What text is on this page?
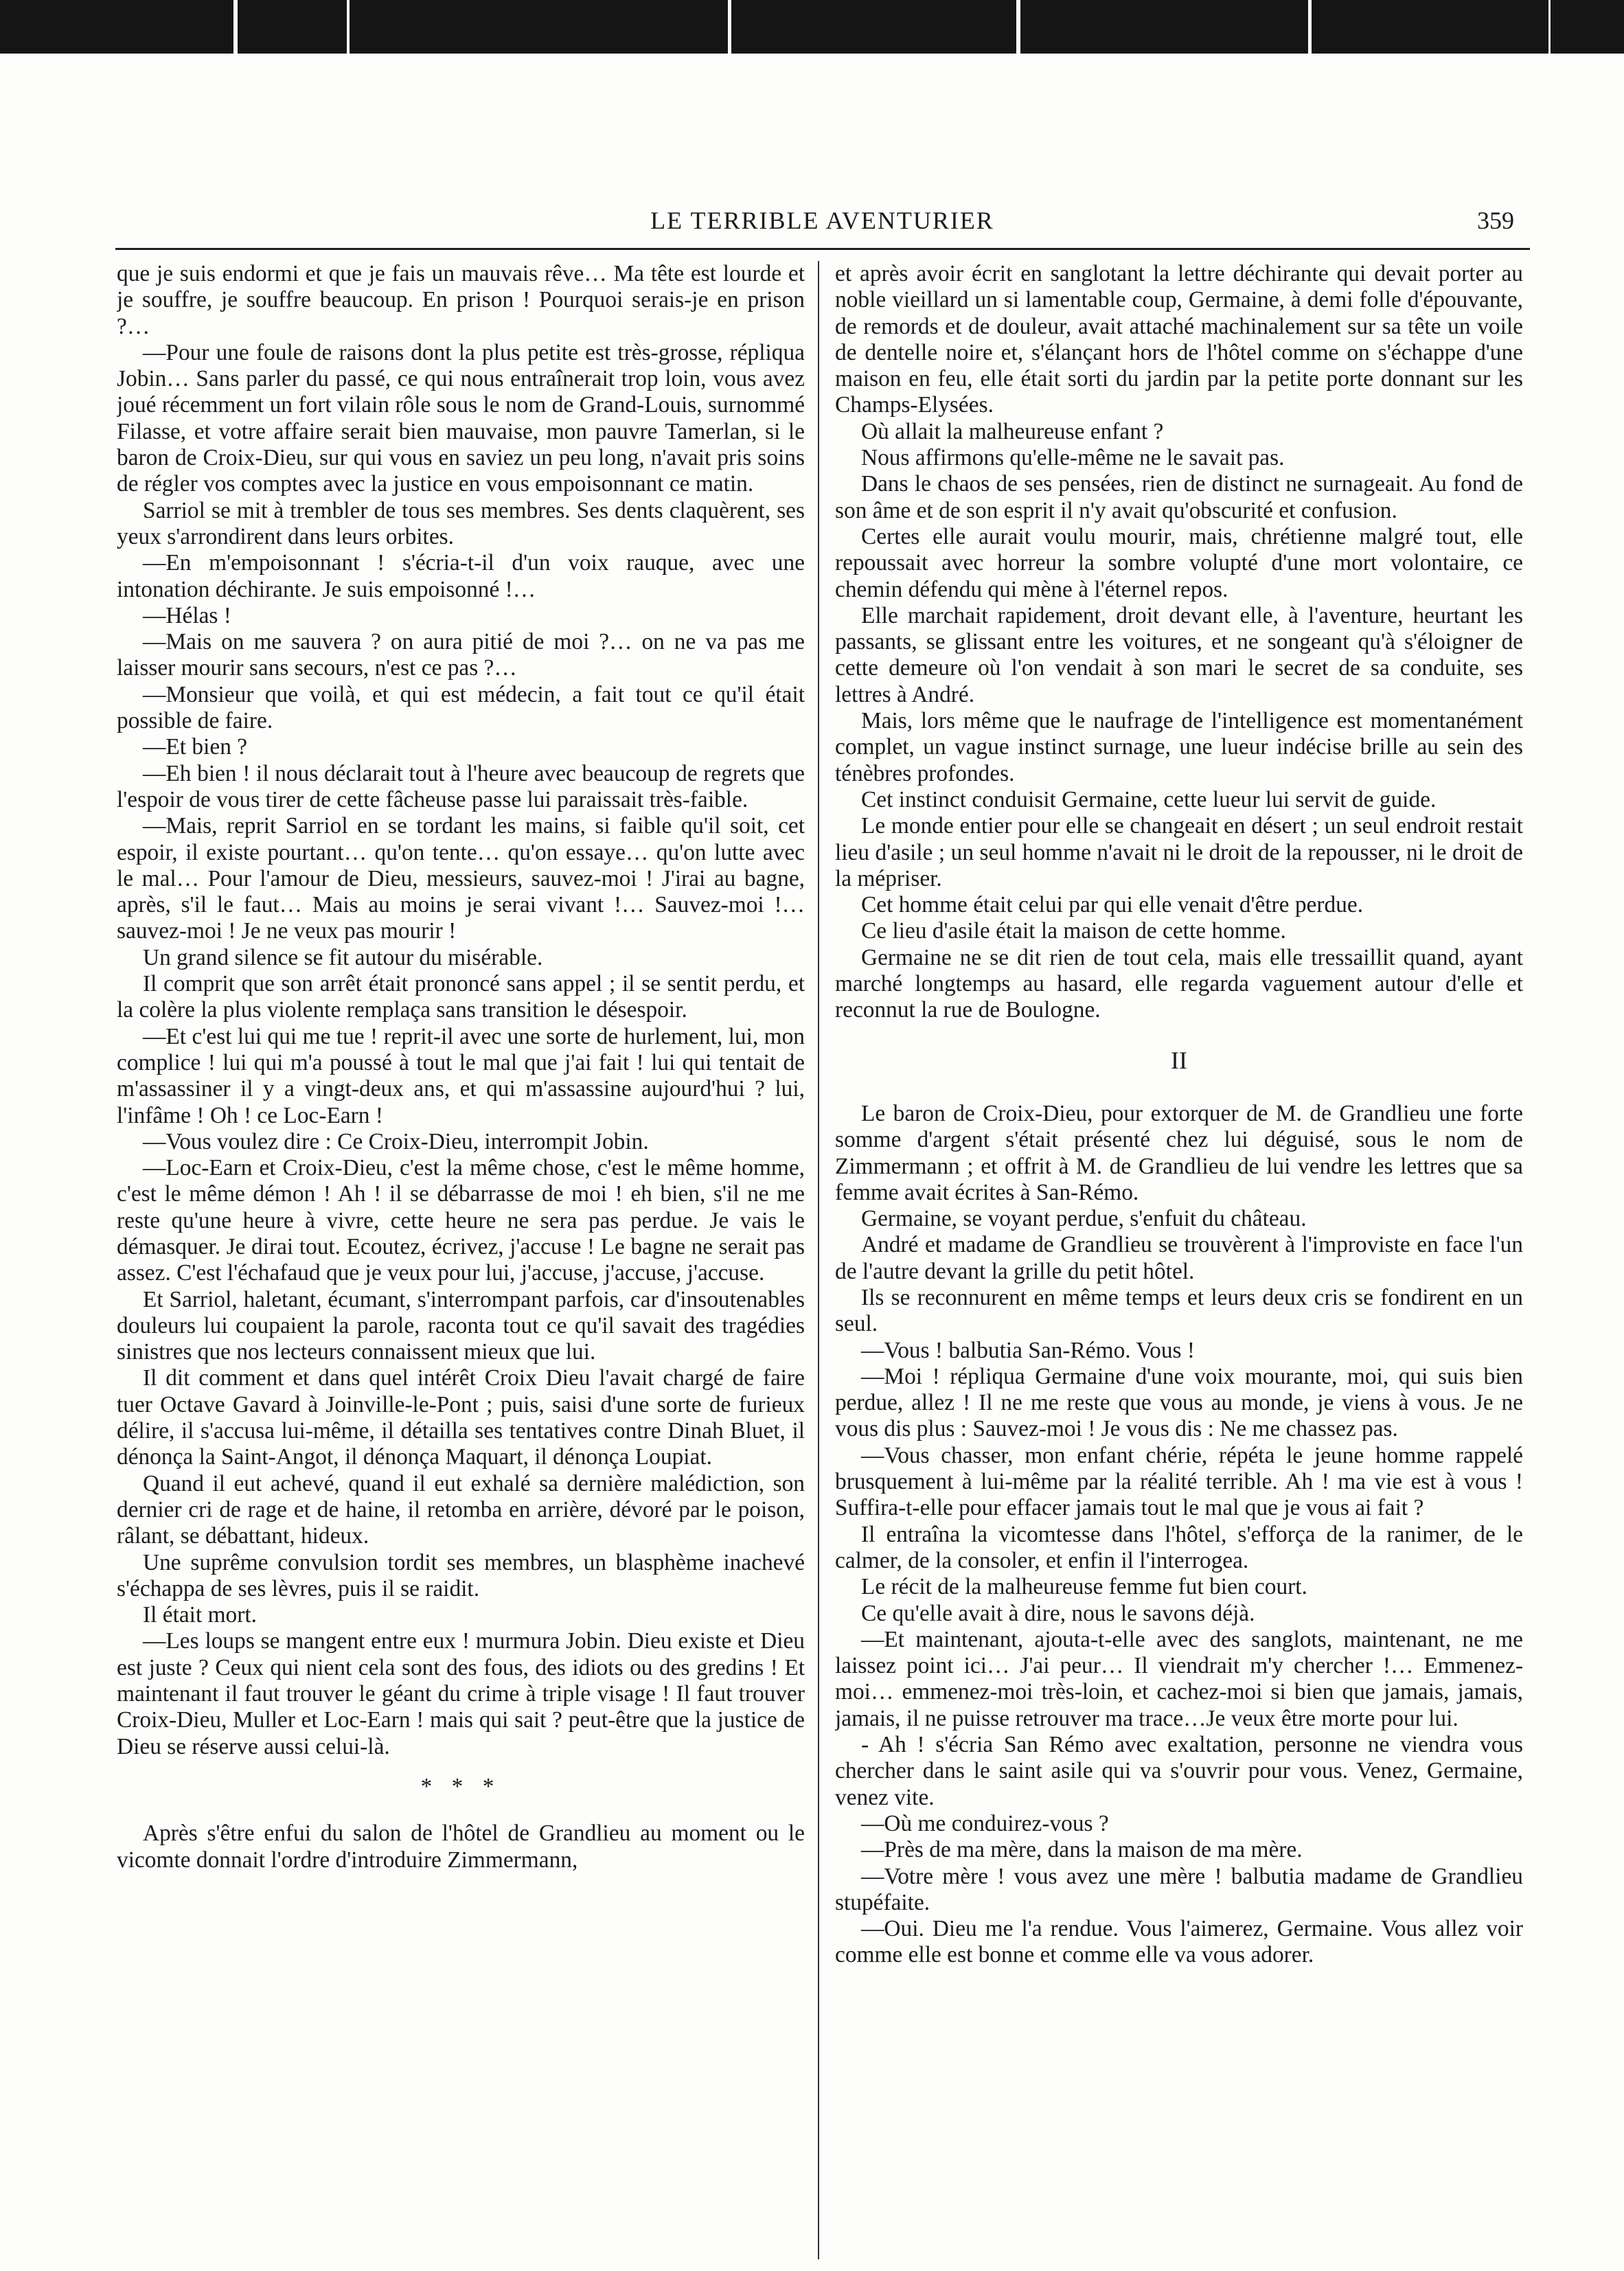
LE TERRIBLE AVENTURIER	359

que je suis endormi et que je fais un mauvais rêve… Ma tête est lourde et je souffre, je souffre beaucoup. En prison ! Pourquoi serais-je en prison ?…

—Pour une foule de raisons dont la plus petite est très-grosse, répliqua Jobin… Sans parler du passé, ce qui nous entraînerait trop loin, vous avez joué récemment un fort vilain rôle sous le nom de Grand-Louis, surnommé Filasse, et votre affaire serait bien mauvaise, mon pauvre Tamerlan, si le baron de Croix-Dieu, sur qui vous en saviez un peu long, n'avait pris soins de régler vos comptes avec la justice en vous empoisonnant ce matin.

Sarriol se mit à trembler de tous ses membres. Ses dents claquèrent, ses yeux s'arrondirent dans leurs orbites.

—En m'empoisonnant ! s'écria-t-il d'un voix rauque, avec une intonation déchirante. Je suis empoisonné !…

—Hélas !

—Mais on me sauvera ? on aura pitié de moi ?… on ne va pas me laisser mourir sans secours, n'est ce pas ?…

—Monsieur que voilà, et qui est médecin, a fait tout ce qu'il était possible de faire.

—Et bien ?

—Eh bien ! il nous déclarait tout à l'heure avec beaucoup de regrets que l'espoir de vous tirer de cette fâcheuse passe lui paraissait très-faible.

—Mais, reprit Sarriol en se tordant les mains, si faible qu'il soit, cet espoir, il existe pourtant… qu'on tente… qu'on essaye… qu'on lutte avec le mal… Pour l'amour de Dieu, messieurs, sauvez-moi ! J'irai au bagne, après, s'il le faut… Mais au moins je serai vivant !… Sauvez-moi !… sauvez-moi ! Je ne veux pas mourir !

Un grand silence se fit autour du misérable.

Il comprit que son arrêt était prononcé sans appel ; il se sentit perdu, et la colère la plus violente remplaça sans transition le désespoir.

—Et c'est lui qui me tue ! reprit-il avec une sorte de hurlement, lui, mon complice ! lui qui m'a poussé à tout le mal que j'ai fait ! lui qui tentait de m'assassiner il y a vingt-deux ans, et qui m'assassine aujourd'hui ? lui, l'infâme ! Oh ! ce Loc-Earn !

—Vous voulez dire : Ce Croix-Dieu, interrompit Jobin.

—Loc-Earn et Croix-Dieu, c'est la même chose, c'est le même homme, c'est le même démon ! Ah ! il se débarrasse de moi ! eh bien, s'il ne me reste qu'une heure à vivre, cette heure ne sera pas perdue. Je vais le démasquer. Je dirai tout. Ecoutez, écrivez, j'accuse ! Le bagne ne serait pas assez. C'est l'échafaud que je veux pour lui, j'accuse, j'accuse, j'accuse.

Et Sarriol, haletant, écumant, s'interrompant parfois, car d'insoutenables douleurs lui coupaient la parole, raconta tout ce qu'il savait des tragédies sinistres que nos lecteurs connaissent mieux que lui.

Il dit comment et dans quel intérêt Croix Dieu l'avait chargé de faire tuer Octave Gavard à Joinville-le-Pont ; puis, saisi d'une sorte de furieux délire, il s'accusa lui-même, il détailla ses tentatives contre Dinah Bluet, il dénonça la Saint-Angot, il dénonça Maquart, il dénonça Loupiat.

Quand il eut achevé, quand il eut exhalé sa dernière malédiction, son dernier cri de rage et de haine, il retomba en arrière, dévoré par le poison, râlant, se débattant, hideux.

Une suprême convulsion tordit ses membres, un blasphème inachevé s'échappa de ses lèvres, puis il se raidit.

Il était mort.

—Les loups se mangent entre eux ! murmura Jobin. Dieu existe et Dieu est juste ? Ceux qui nient cela sont des fous, des idiots ou des gredins ! Et maintenant il faut trouver le géant du crime à triple visage ! Il faut trouver Croix-Dieu, Muller et Loc-Earn ! mais qui sait ? peut-être que la justice de Dieu se réserve aussi celui-là.

* * *

Après s'être enfui du salon de l'hôtel de Grandlieu au moment ou le vicomte donnait l'ordre d'introduire Zimmermann,

et après avoir écrit en sanglotant la lettre déchirante qui devait porter au noble vieillard un si lamentable coup, Germaine, à demi folle d'épouvante, de remords et de douleur, avait attaché machinalement sur sa tête un voile de dentelle noire et, s'élançant hors de l'hôtel comme on s'échappe d'une maison en feu, elle était sorti du jardin par la petite porte donnant sur les Champs-Elysées.

Où allait la malheureuse enfant ?

Nous affirmons qu'elle-même ne le savait pas.

Dans le chaos de ses pensées, rien de distinct ne surnageait. Au fond de son âme et de son esprit il n'y avait qu'obscurité et confusion.

Certes elle aurait voulu mourir, mais, chrétienne malgré tout, elle repoussait avec horreur la sombre volupté d'une mort volontaire, ce chemin défendu qui mène à l'éternel repos.

Elle marchait rapidement, droit devant elle, à l'aventure, heurtant les passants, se glissant entre les voitures, et ne songeant qu'à s'éloigner de cette demeure où l'on vendait à son mari le secret de sa conduite, ses lettres à André.

Mais, lors même que le naufrage de l'intelligence est momentanément complet, un vague instinct surnage, une lueur indécise brille au sein des ténèbres profondes.

Cet instinct conduisit Germaine, cette lueur lui servit de guide.

Le monde entier pour elle se changeait en désert ; un seul endroit restait lieu d'asile ; un seul homme n'avait ni le droit de la repousser, ni le droit de la mépriser.

Cet homme était celui par qui elle venait d'être perdue.

Ce lieu d'asile était la maison de cette homme.

Germaine ne se dit rien de tout cela, mais elle tressaillit quand, ayant marché longtemps au hasard, elle regarda vaguement autour d'elle et reconnut la rue de Boulogne.

II

Le baron de Croix-Dieu, pour extorquer de M. de Grandlieu une forte somme d'argent s'était présenté chez lui déguisé, sous le nom de Zimmermann ; et offrit à M. de Grandlieu de lui vendre les lettres que sa femme avait écrites à San-Rémo.

Germaine, se voyant perdue, s'enfuit du château.

André et madame de Grandlieu se trouvèrent à l'improviste en face l'un de l'autre devant la grille du petit hôtel.

Ils se reconnurent en même temps et leurs deux cris se fondirent en un seul.

—Vous ! balbutia San-Rémo. Vous !

—Moi ! répliqua Germaine d'une voix mourante, moi, qui suis bien perdue, allez ! Il ne me reste que vous au monde, je viens à vous. Je ne vous dis plus : Sauvez-moi ! Je vous dis : Ne me chassez pas.

—Vous chasser, mon enfant chérie, répéta le jeune homme rappelé brusquement à lui-même par la réalité terrible. Ah ! ma vie est à vous ! Suffira-t-elle pour effacer jamais tout le mal que je vous ai fait ?

Il entraîna la vicomtesse dans l'hôtel, s'efforça de la ranimer, de le calmer, de la consoler, et enfin il l'interrogea.

Le récit de la malheureuse femme fut bien court.

Ce qu'elle avait à dire, nous le savons déjà.

—Et maintenant, ajouta-t-elle avec des sanglots, maintenant, ne me laissez point ici… J'ai peur… Il viendrait m'y chercher !… Emmenez-moi… emmenez-moi très-loin, et cachez-moi si bien que jamais, jamais, jamais, il ne puisse retrouver ma trace…Je veux être morte pour lui.

- Ah ! s'écria San Rémo avec exaltation, personne ne viendra vous chercher dans le saint asile qui va s'ouvrir pour vous. Venez, Germaine, venez vite.

—Où me conduirez-vous ?

—Près de ma mère, dans la maison de ma mère.

—Votre mère ! vous avez une mère ! balbutia madame de Grandlieu stupéfaite.

—Oui. Dieu me l'a rendue. Vous l'aimerez, Germaine. Vous allez voir comme elle est bonne et comme elle va vous adorer.
